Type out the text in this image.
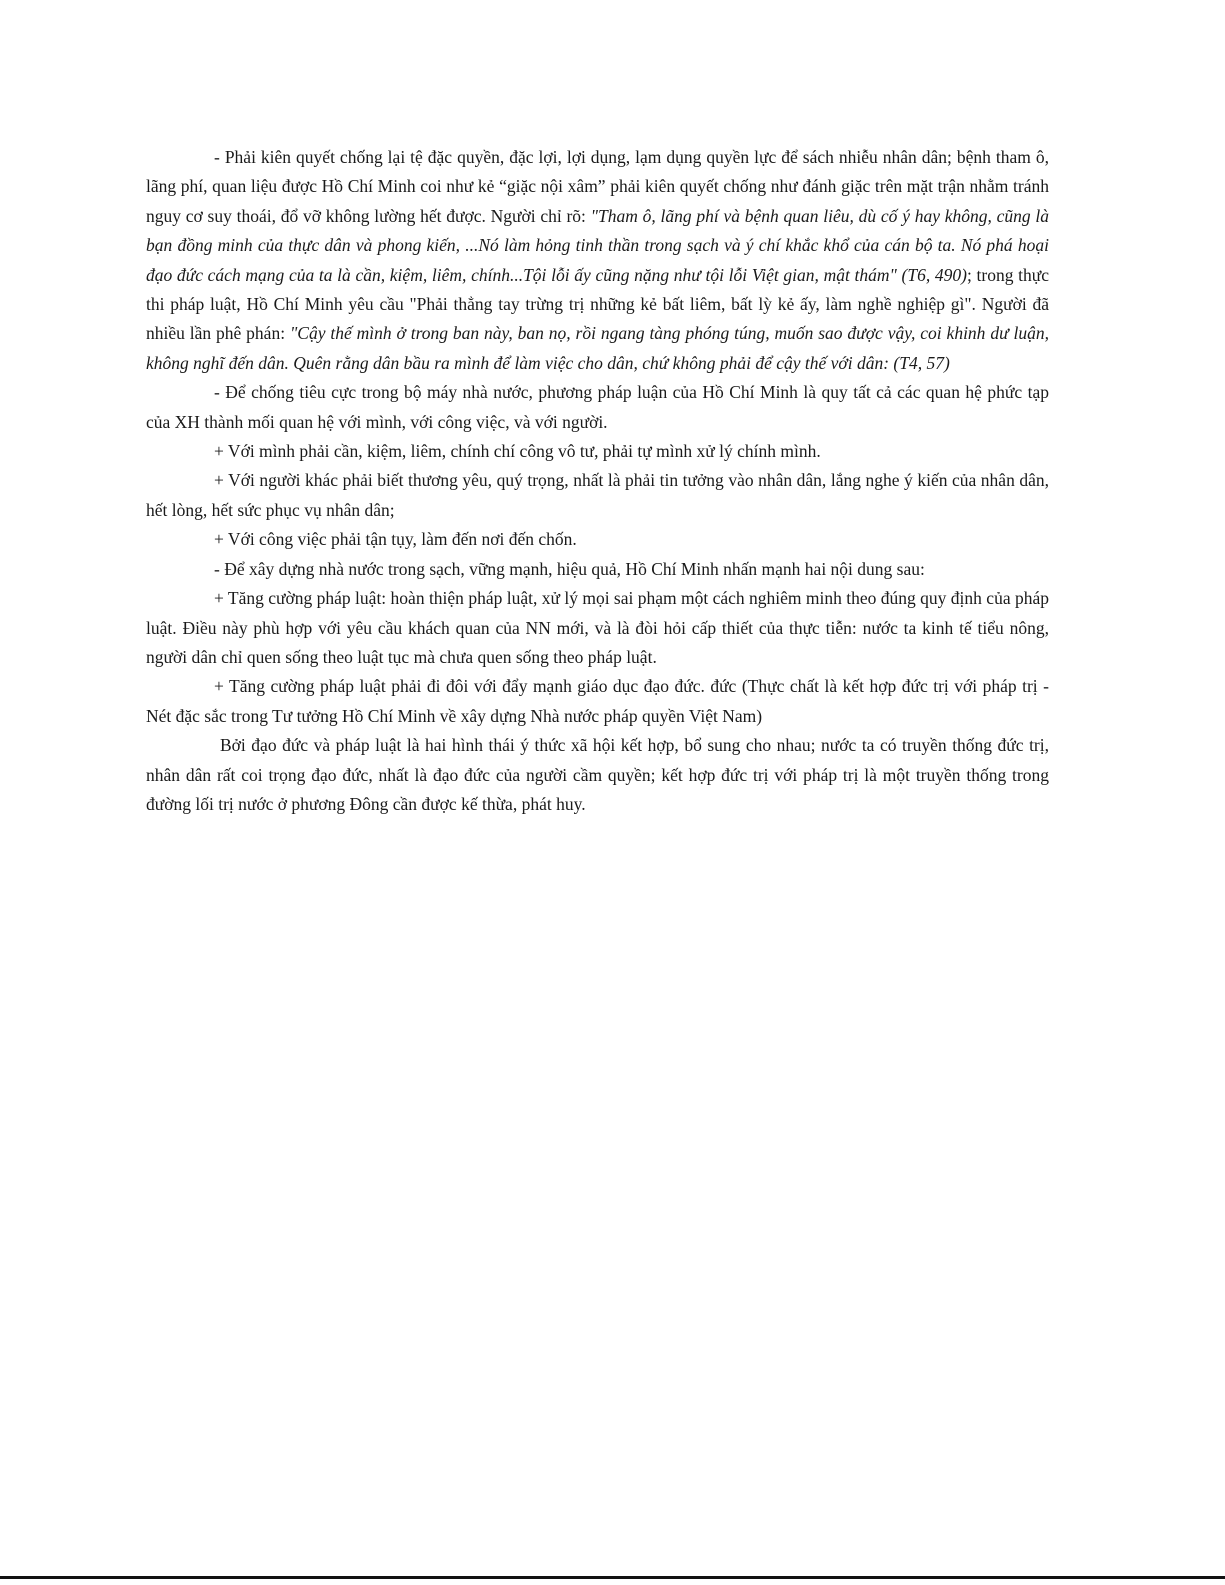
- Phải kiên quyết chống lại tệ đặc quyền, đặc lợi, lợi dụng, lạm dụng quyền lực để sách nhiễu nhân dân; bệnh tham ô, lãng phí, quan liệu được Hồ Chí Minh coi như kẻ “giặc nội xâm” phải kiên quyết chống như đánh giặc trên mặt trận nhằm tránh nguy cơ suy thoái, đổ vỡ không lường hết được. Người chỉ rõ: "Tham ô, lãng phí và bệnh quan liêu, dù cố ý hay không, cũng là bạn đồng minh của thực dân và phong kiến, ...Nó làm hỏng tinh thần trong sạch và ý chí khắc khổ của cán bộ ta. Nó phá hoại đạo đức cách mạng của ta là cần, kiệm, liêm, chính...Tội lỗi ấy cũng nặng như tội lỗi Việt gian, mật thám" (T6, 490); trong thực thi pháp luật, Hồ Chí Minh yêu cầu "Phải thẳng tay trừng trị những kẻ bất liêm, bất lỳ kẻ ấy, làm nghề nghiệp gì". Người đã nhiều lần phê phán: "Cậy thế mình ở trong ban này, ban nọ, rồi ngang tàng phóng túng, muốn sao được vậy, coi khinh dư luận, không nghĩ đến dân. Quên rằng dân bầu ra mình để làm việc cho dân, chứ không phải để cậy thế với dân: (T4, 57)

- Để chống tiêu cực trong bộ máy nhà nước, phương pháp luận của Hồ Chí Minh là quy tất cả các quan hệ phức tạp của XH thành mối quan hệ với mình, với công việc, và với người.

+ Với mình phải cần, kiệm, liêm, chính chí công vô tư, phải tự mình xử lý chính mình.

+ Với người khác phải biết thương yêu, quý trọng, nhất là phải tin tưởng vào nhân dân, lắng nghe ý kiến của nhân dân, hết lòng, hết sức phục vụ nhân dân;

+ Với công việc phải tận tụy, làm đến nơi đến chốn.

- Để xây dựng nhà nước trong sạch, vững mạnh, hiệu quả, Hồ Chí Minh nhấn mạnh hai nội dung sau:

+ Tăng cường pháp luật: hoàn thiện pháp luật, xử lý mọi sai phạm một cách nghiêm minh theo đúng quy định của pháp luật. Điều này phù hợp với yêu cầu khách quan của NN mới, và là đòi hỏi cấp thiết của thực tiễn: nước ta kinh tế tiểu nông, người dân chỉ quen sống theo luật tục mà chưa quen sống theo pháp luật.

+ Tăng cường pháp luật phải đi đôi với đẩy mạnh giáo dục đạo đức. đức (Thực chất là kết hợp đức trị với pháp trị - Nét đặc sắc trong Tư tưởng Hồ Chí Minh về xây dựng Nhà nước pháp quyền Việt Nam)

Bởi đạo đức và pháp luật là hai hình thái ý thức xã hội kết hợp, bổ sung cho nhau; nước ta có truyền thống đức trị, nhân dân rất coi trọng đạo đức, nhất là đạo đức của người cầm quyền; kết hợp đức trị với pháp trị là một truyền thống trong đường lối trị nước ở phương Đông cần được kế thừa, phát huy.
